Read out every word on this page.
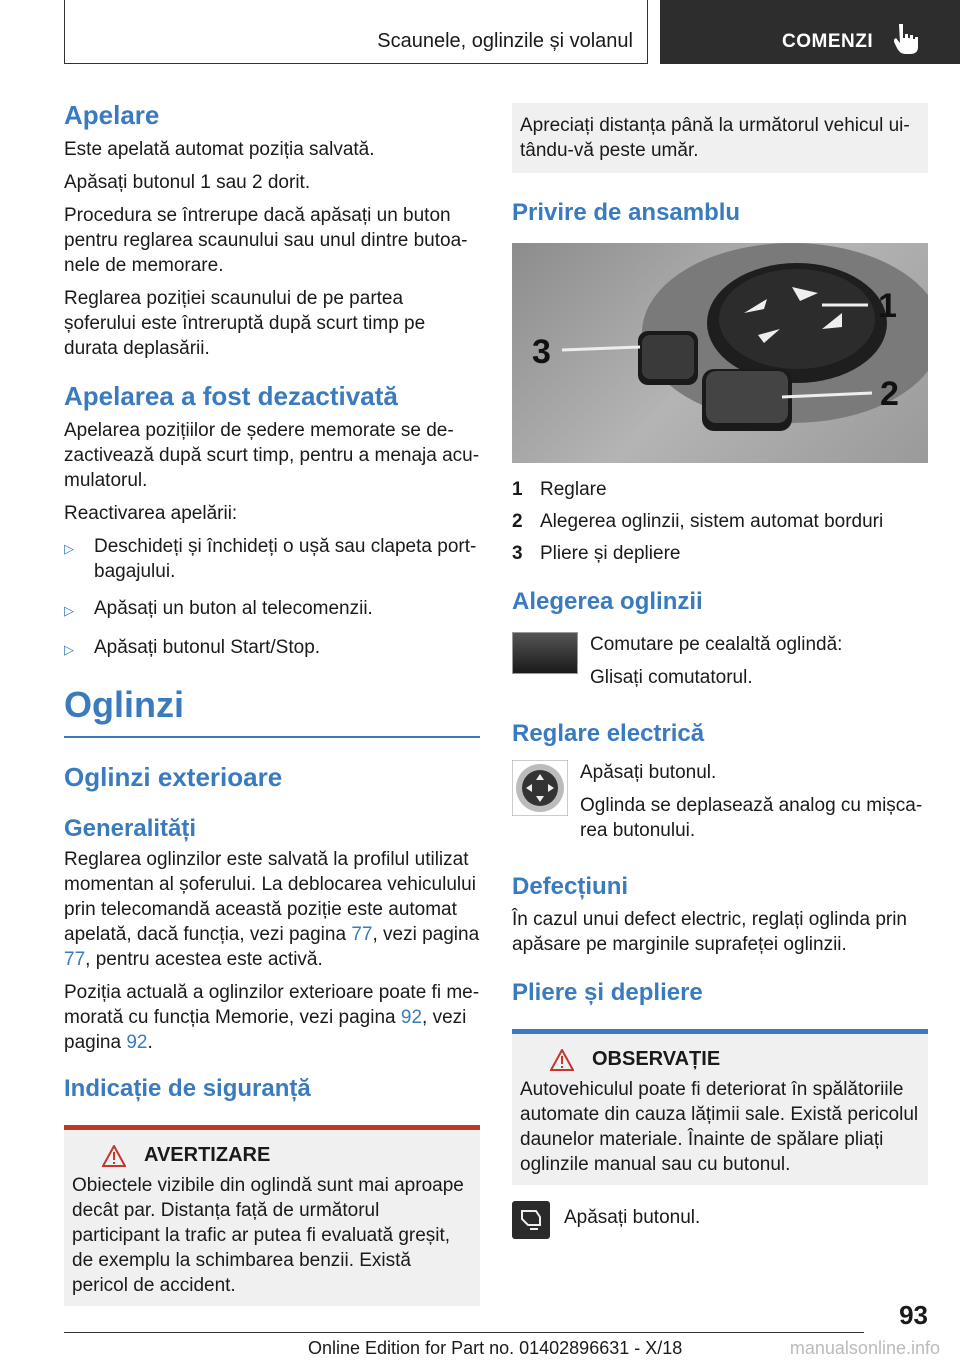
Scaunele, oglinzile și volanul	COMENZI
Apelare

Este apelată automat poziția salvată.

Apăsați butonul 1 sau 2 dorit.

Procedura se întrerupe dacă apăsați un buton pentru reglarea scaunului sau unul dintre butoanele de memorare.

Reglarea poziției scaunului de pe partea șoferului este întreruptă după scurt timp pe durata deplasării.

Apelarea a fost dezactivată

Apelarea pozițiilor de ședere memorate se dezactivează după scurt timp, pentru a menaja acumulatorul.

Reactivarea apelării:

▷	Deschideți și închideți o ușă sau clapeta portbagajului.
▷	Apăsați un buton al telecomenzii.
▷	Apăsați butonul Start/Stop.
Oglinzi
Oglinzi exterioare
Generalități

Reglarea oglinzilor este salvată la profilul utilizat momentan al șoferului. La deblocarea vehiculului prin telecomandă această poziție este automat apelată, dacă funcția, vezi pagina 77, vezi pagina 77, pentru acestea este activă.

Poziția actuală a oglinzilor exterioare poate fi memorată cu funcția Memorie, vezi pagina 92, vezi pagina 92.

Indicație de siguranță
AVERTIZARE

Obiectele vizibile din oglindă sunt mai aproape decât par. Distanța față de următorul participant la trafic ar putea fi evaluată greșit, de exemplu la schimbarea benzii. Există pericol de accident.

Apreciați distanța până la următorul vehicul uitându-vă peste umăr.

Privire de ansamblu
1
2
3
1 Reglare
2 Alegerea oglinzii, sistem automat borduri
3 Pliere și depliere
Alegerea oglinzii

Comutare pe cealaltă oglindă:

Glisați comutatorul.

Reglare electrică

Apăsați butonul.

Oglinda se deplasează analog cu mișcarea butonului.

Defecțiuni

În cazul unui defect electric, reglați oglinda prin apăsare pe marginile suprafeței oglinzii.

Pliere și depliere
OBSERVAȚIE

Autovehiculul poate fi deteriorat în spălătoriile automate din cauza lățimii sale. Există pericolul daunelor materiale. Înainte de spălare pliați oglinzile manual sau cu butonul.

Apăsați butonul.

93
Online Edition for Part no. 01402896631 - X/18	manualsonline.info
